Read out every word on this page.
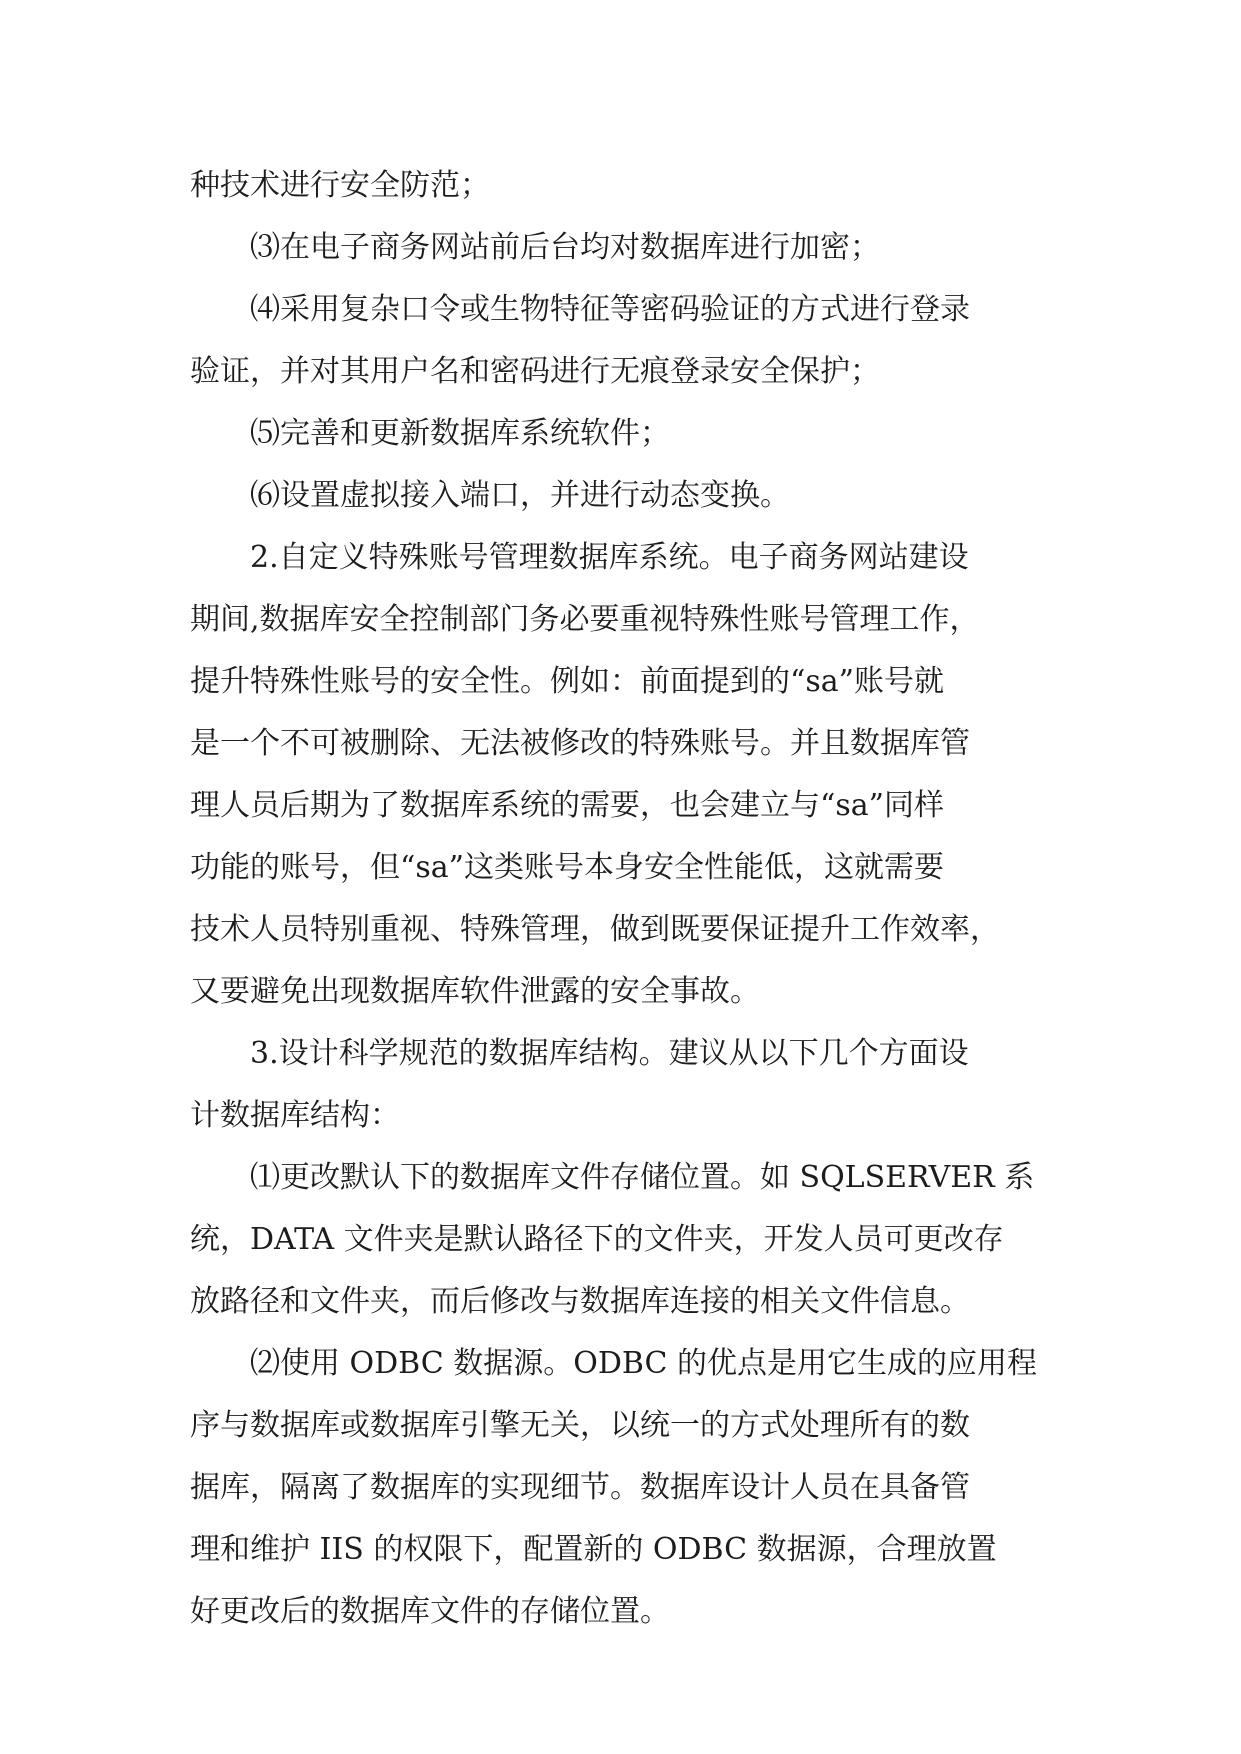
种技术进行安全防范；
⑶在电子商务网站前后台均对数据库进行加密；
⑷采用复杂口令或生物特征等密码验证的方式进行登录
验证，并对其用户名和密码进行无痕登录安全保护；
⑸完善和更新数据库系统软件；
⑹设置虚拟接入端口，并进行动态变换。
2.自定义特殊账号管理数据库系统。电子商务网站建设
期间,数据库安全控制部门务必要重视特殊性账号管理工作，
提升特殊性账号的安全性。例如：前面提到的“sa”账号就
是一个不可被删除、无法被修改的特殊账号。并且数据库管
理人员后期为了数据库系统的需要，也会建立与“sa”同样
功能的账号，但“sa”这类账号本身安全性能低，这就需要
技术人员特别重视、特殊管理，做到既要保证提升工作效率，
又要避免出现数据库软件泄露的安全事故。
3.设计科学规范的数据库结构。建议从以下几个方面设
计数据库结构：
⑴更改默认下的数据库文件存储位置。如 SQLSERVER 系
统，DATA 文件夹是默认路径下的文件夹，开发人员可更改存
放路径和文件夹，而后修改与数据库连接的相关文件信息。
⑵使用 ODBC 数据源。ODBC 的优点是用它生成的应用程
序与数据库或数据库引擎无关，以统一的方式处理所有的数
据库，隔离了数据库的实现细节。数据库设计人员在具备管
理和维护 IIS 的权限下，配置新的 ODBC 数据源，合理放置
好更改后的数据库文件的存储位置。
